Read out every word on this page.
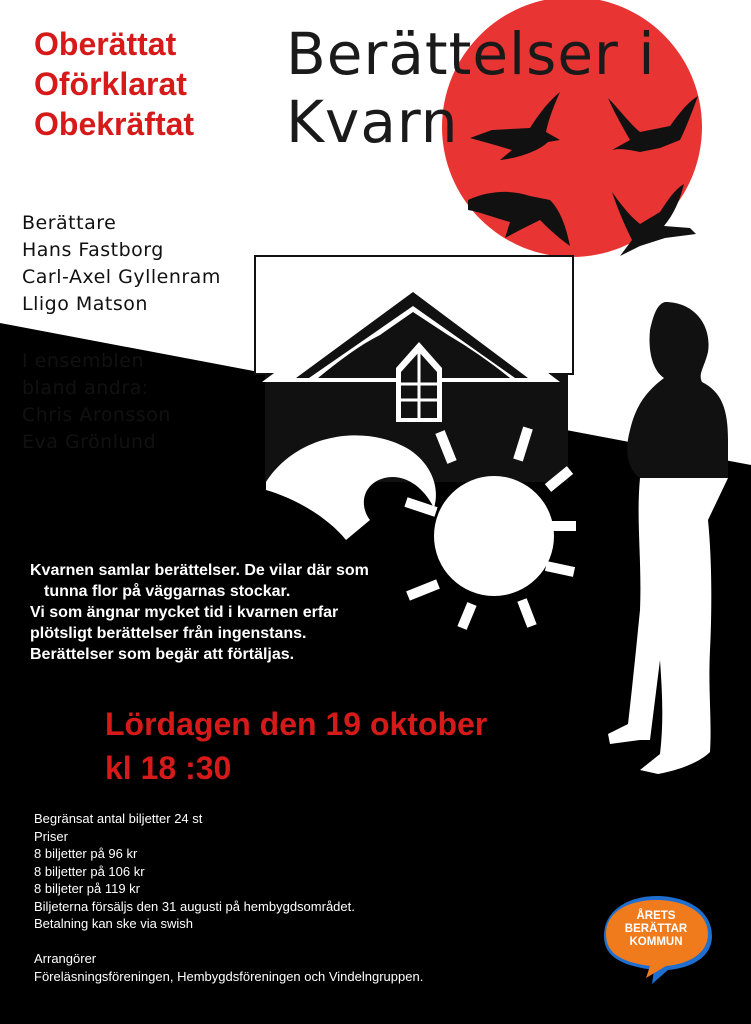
Oberättat
Oförklarat
Obekräftat
Berättelser i
Kvarn
Berättare
Hans Fastborg
Carl-Axel Gyllenram
Lligo Matson
I ensemblen
bland andra:
Chris Aronsson
Eva Grönlund
Kvarnen samlar berättelser. De vilar där som
tunna flor på väggarnas stockar.
Vi som ängnar mycket tid i kvarnen erfar
plötsligt berättelser från ingenstans.
Berättelser som begär att förtäljas.
Lördagen den 19 oktober
kl 18 :30
Begränsat antal biljetter 24 st
Priser
8 biljetter på 96 kr
8 biljetter på 106 kr
8 biljeter på 119 kr
Biljeterna försäljs den 31 augusti på hembygdsområdet.
Betalning kan ske via swish
Arrangörer
Föreläsningsföreningen, Hembygdsföreningen och Vindelngruppen.
ÅRETS
BERÄTTAR
KOMMUN
